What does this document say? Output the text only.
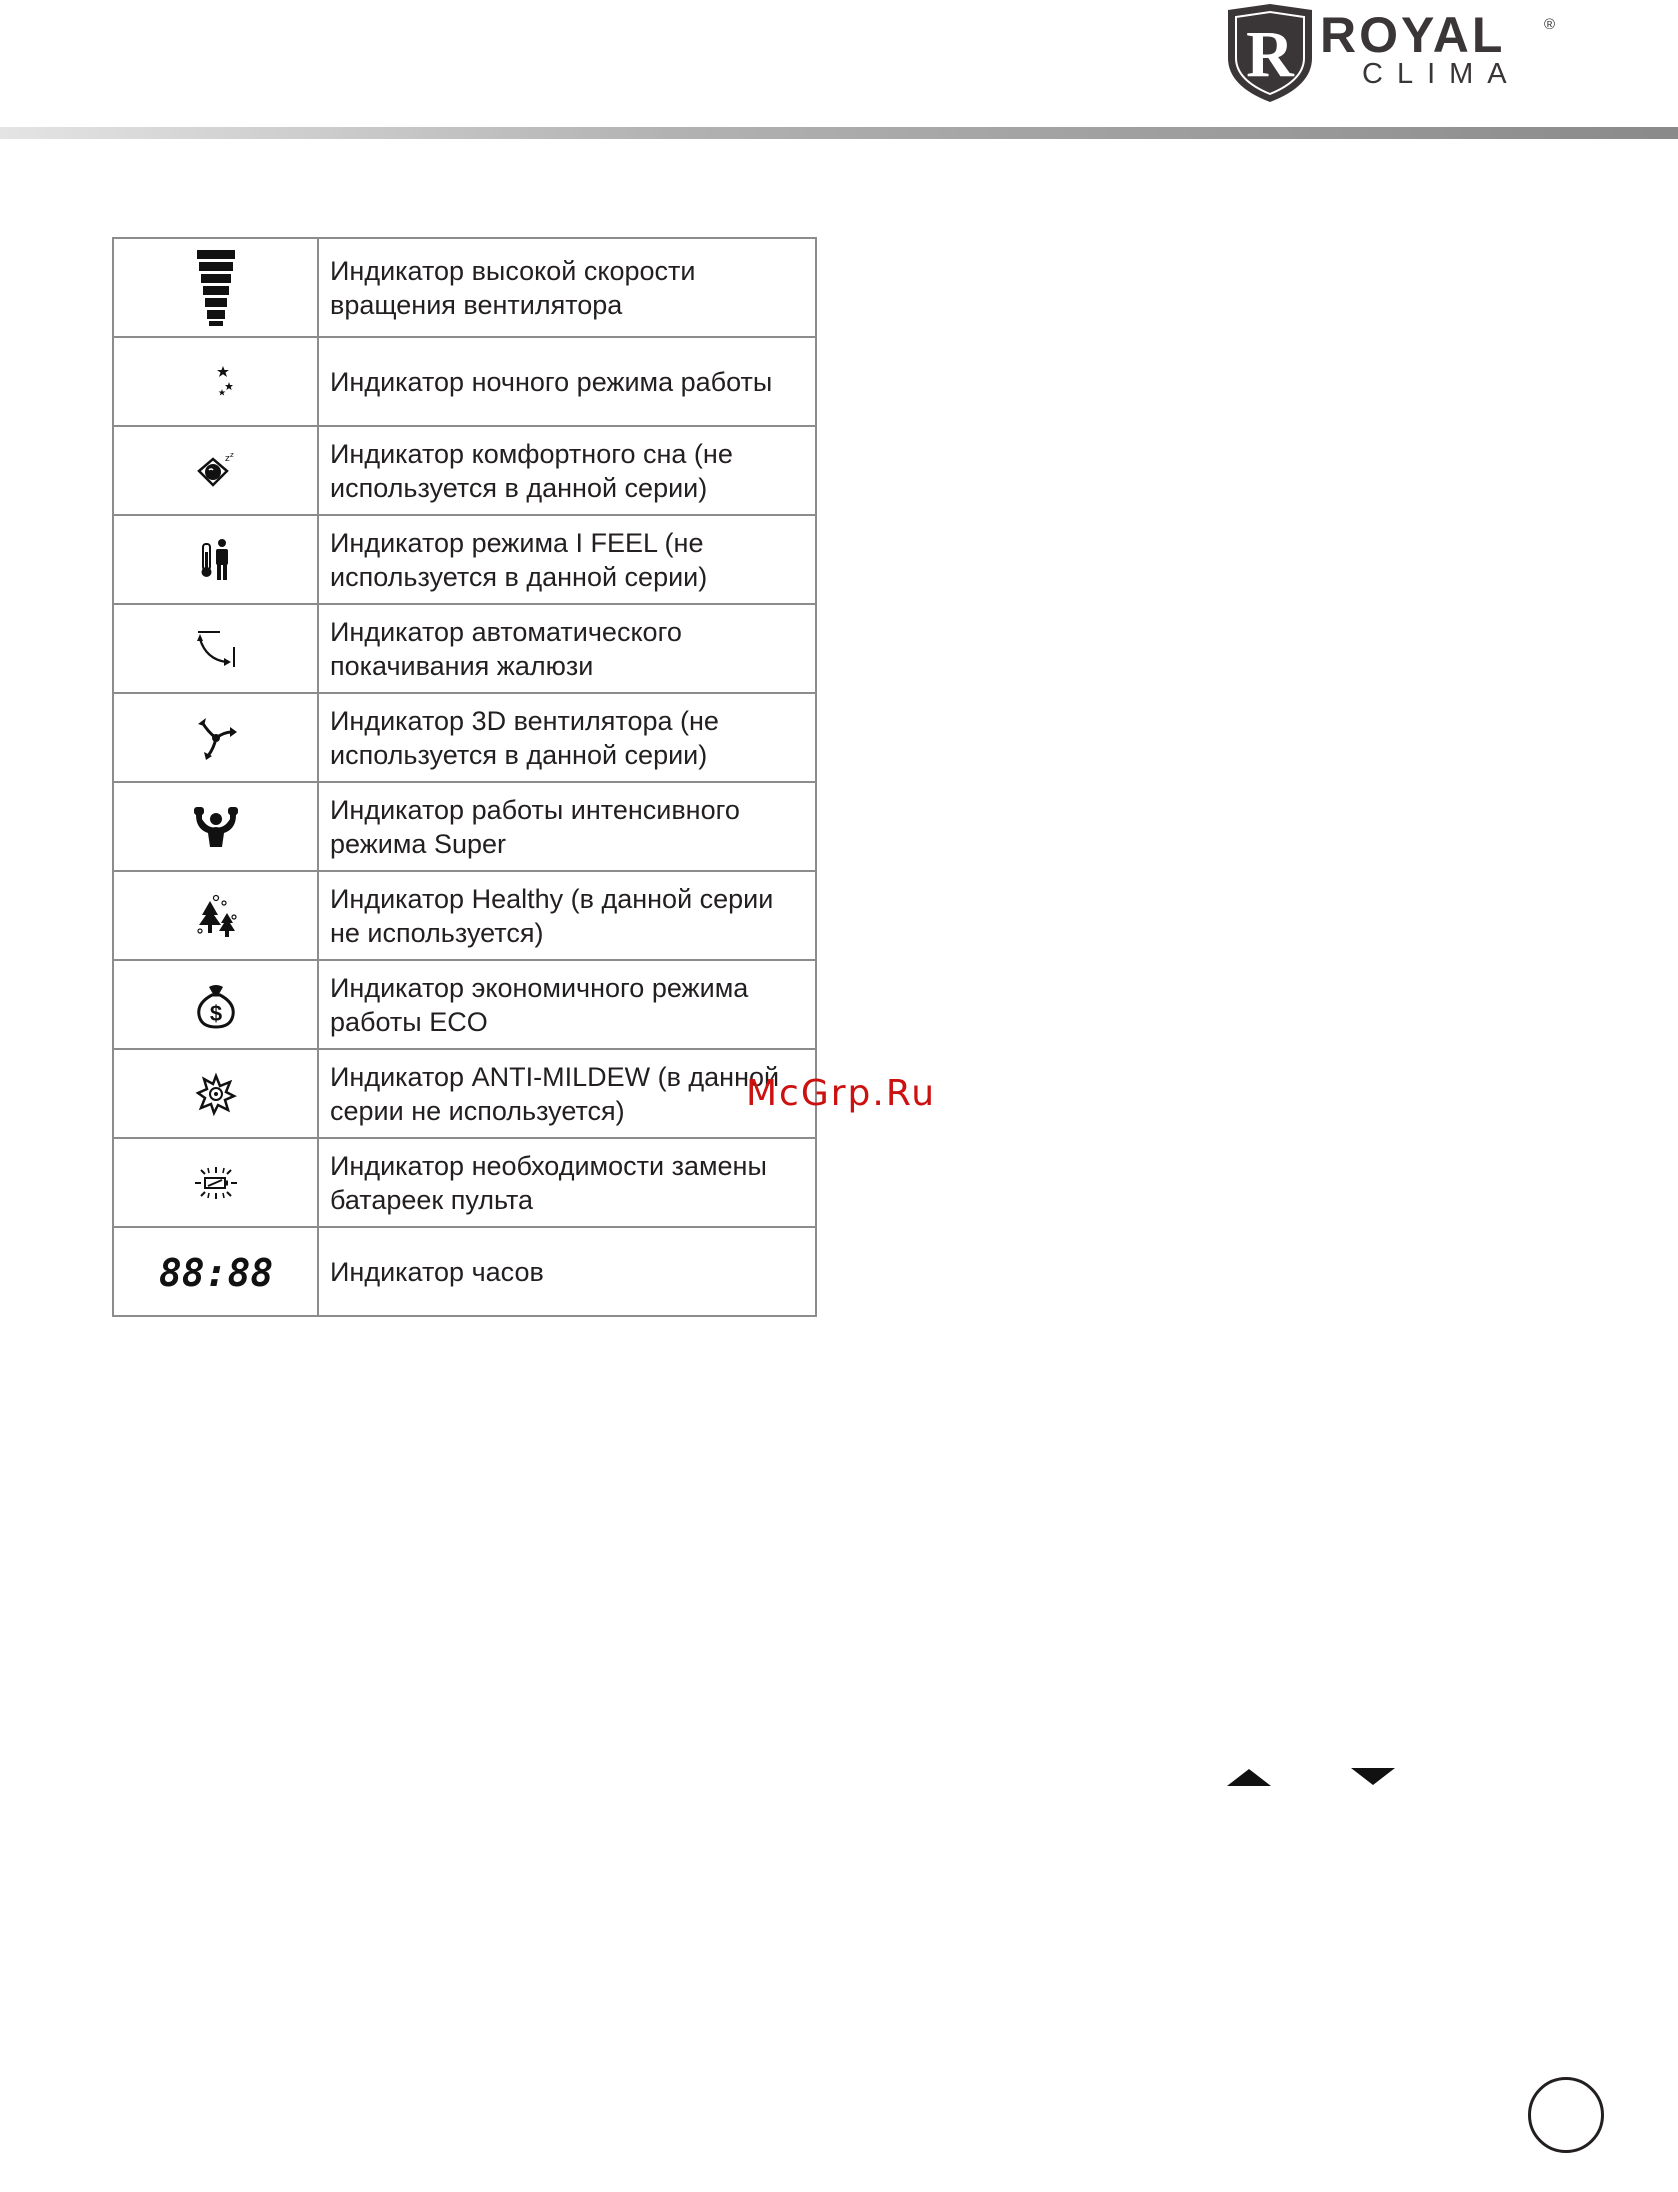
R ROYAL	®
CLIMA
	Индикатор высокой скорости вращения вентилятора

	Индикатор ночного режима работы

z z	Индикатор комфортного сна (не используется в данной серии)

	Индикатор режима I FEEL (не используется в данной серии)

	Индикатор автоматического покачивания жалюзи

	Индикатор 3D вентилятора (не используется в данной серии)

	Индикатор работы интенсивного режима Super

	Индикатор Healthy (в данной серии не используется)

$	Индикатор экономичного режима работы ECO

	Индикатор ANTI-MILDEW (в данной серии не используется)

	Индикатор необходимости замены батареек пульта

88:88	Индикатор часов
McGrp.Ru
